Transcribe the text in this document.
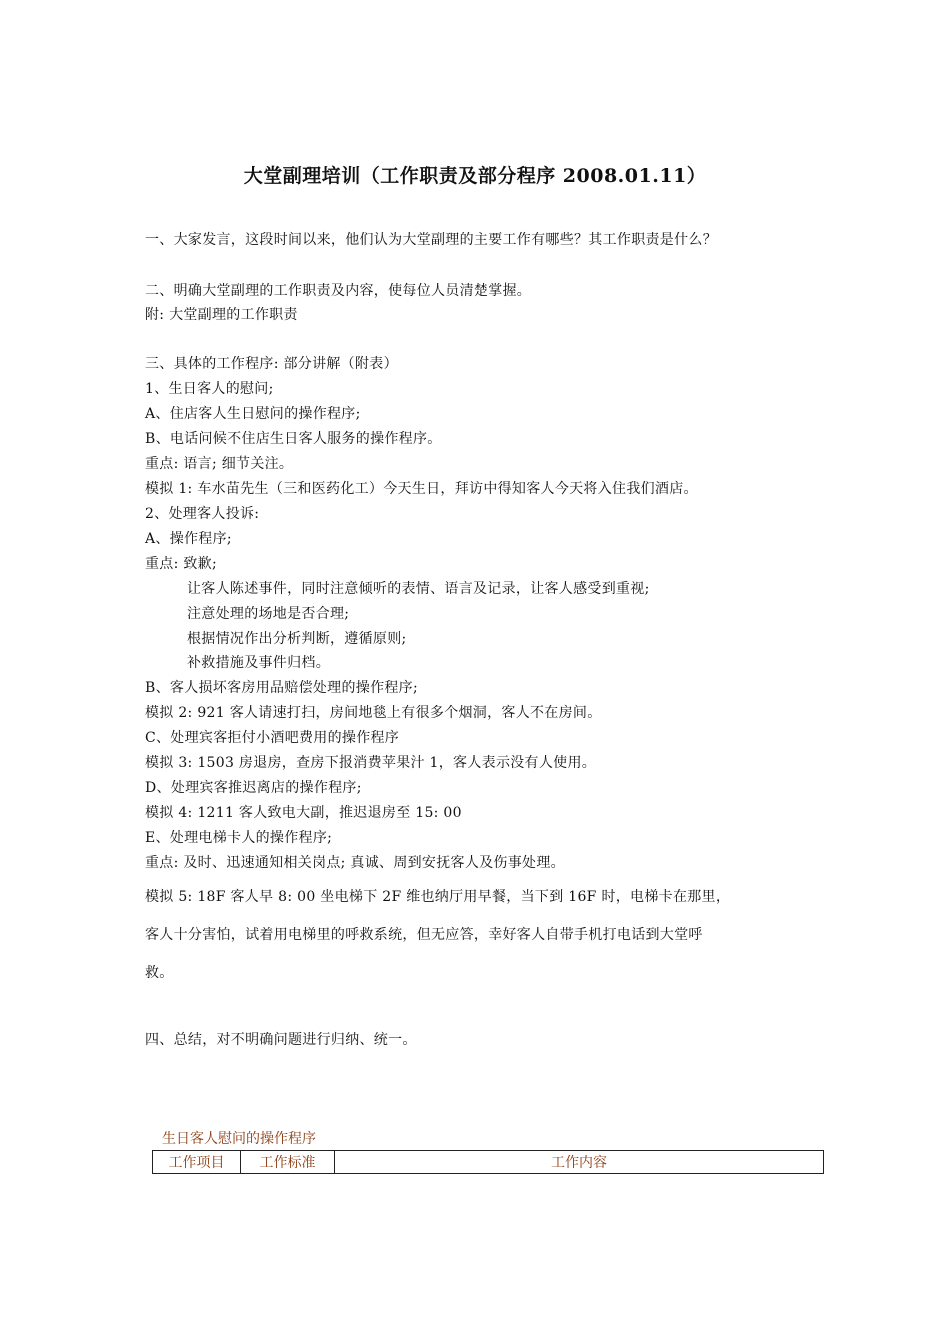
大堂副理培训（工作职责及部分程序 2008.01.11）
一、大家发言，这段时间以来，他们认为大堂副理的主要工作有哪些？其工作职责是什么？
二、明确大堂副理的工作职责及内容，使每位人员清楚掌握。
附: 大堂副理的工作职责
三、具体的工作程序: 部分讲解（附表）
1、生日客人的慰问;
A、住店客人生日慰问的操作程序;
B、电话问候不住店生日客人服务的操作程序。
重点: 语言; 细节关注。
模拟 1: 车水苗先生（三和医药化工）今天生日，拜访中得知客人今天将入住我们酒店。
2、处理客人投诉:
A、操作程序;
重点: 致歉;
让客人陈述事件，同时注意倾听的表情、语言及记录，让客人感受到重视;
注意处理的场地是否合理;
根据情况作出分析判断，遵循原则;
补救措施及事件归档。
B、客人损坏客房用品赔偿处理的操作程序;
模拟 2: 921 客人请速打扫，房间地毯上有很多个烟洞，客人不在房间。
C、处理宾客拒付小酒吧费用的操作程序
模拟 3: 1503 房退房，查房下报消费苹果汁 1，客人表示没有人使用。
D、处理宾客推迟离店的操作程序;
模拟 4: 1211 客人致电大副，推迟退房至 15: 00
E、处理电梯卡人的操作程序;
重点: 及时、迅速通知相关岗点; 真诚、周到安抚客人及伤事处理。
模拟 5: 18F 客人早 8: 00 坐电梯下 2F 维也纳厅用早餐，当下到 16F 时，电梯卡在那里，
客人十分害怕，试着用电梯里的呼救系统，但无应答，幸好客人自带手机打电话到大堂呼
救。
四、总结，对不明确问题进行归纳、统一。
生日客人慰问的操作程序
工作项目	工作标准	工作内容
